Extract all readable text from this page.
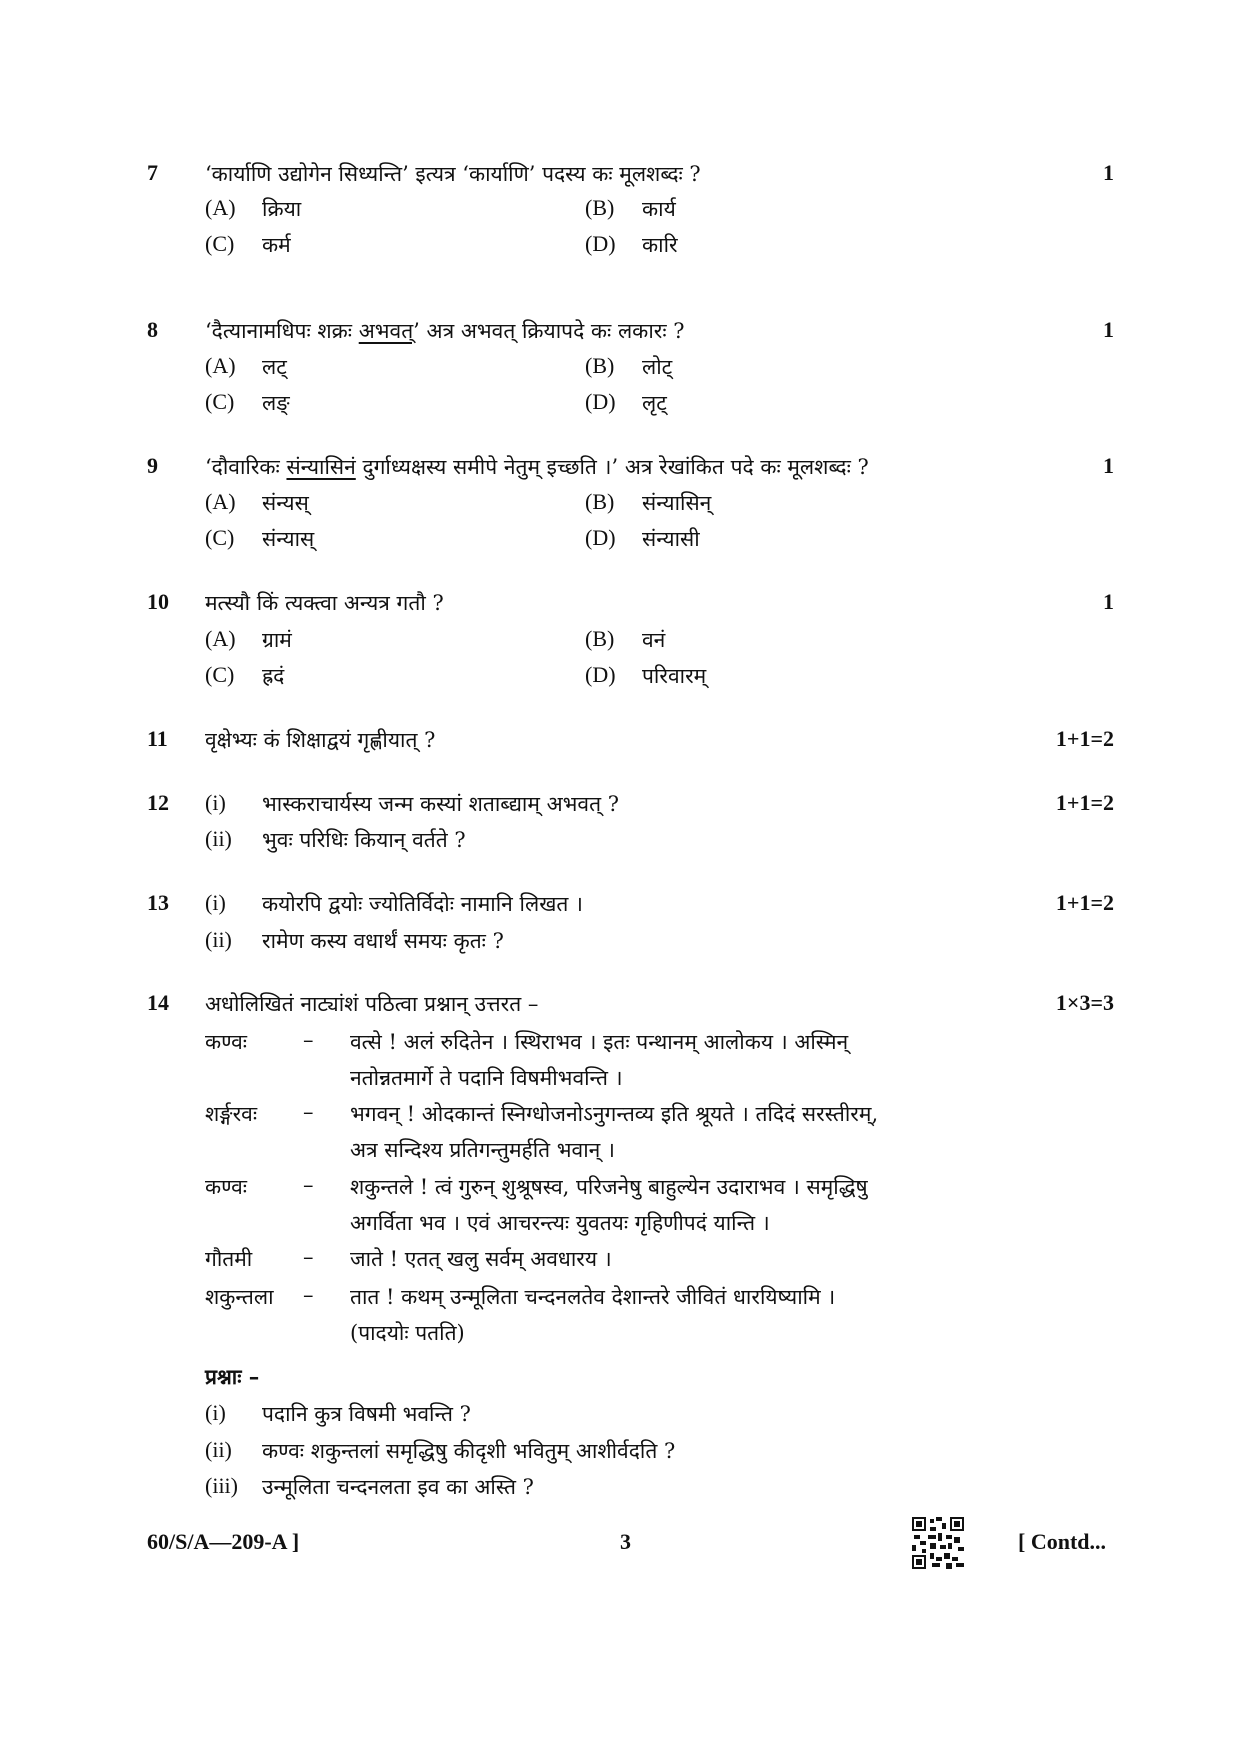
7 ‘कार्याणि उद्योगेन सिध्यन्ति’ इत्यत्र ‘कार्याणि’ पदस्य कः मूलशब्दः ?	1
(A) क्रिया	(B) कार्य
(C) कर्म	(D) कारि
8 ‘दैत्यानामधिपः शक्रः अभवत्’ अत्र अभवत् क्रियापदे कः लकारः ?	1
(A) लट्	(B) लोट्
(C) लङ्	(D) लृट्
9 ‘दौवारिकः संन्यासिनं दुर्गाध्यक्षस्य समीपे नेतुम् इच्छति ।’ अत्र रेखांकित पदे कः मूलशब्दः ?	1
(A) संन्यस्	(B) संन्यासिन्
(C) संन्यास्	(D) संन्यासी
10 मत्स्यौ किं त्यक्त्वा अन्यत्र गतौ ?	1
(A) ग्रामं	(B) वनं
(C) ह्रदं	(D) परिवारम्
11 वृक्षेभ्यः कं शिक्षाद्वयं गृह्णीयात् ?	1+1=2
12 (i) भास्कराचार्यस्य जन्म कस्यां शताब्द्याम् अभवत् ?	1+1=2
(ii) भुवः परिधिः कियान् वर्तते ?
13 (i) कयोरपि द्वयोः ज्योतिर्विदोः नामानि लिखत ।	1+1=2
(ii) रामेण कस्य वधार्थं समयः कृतः ?
14 अधोलिखितं नाट्यांशं पठित्वा प्रश्नान् उत्तरत –	1×3=3
कण्वः	– वत्से ! अलं रुदितेन । स्थिराभव । इतः पन्थानम् आलोकय । अस्मिन्
नतोन्नतमार्गे ते पदानि विषमीभवन्ति ।
शर्ङ्गरवः – भगवन् ! ओदकान्तं स्निग्धोजनोऽनुगन्तव्य इति श्रूयते । तदिदं सरस्तीरम्,
अत्र सन्दिश्य प्रतिगन्तुमर्हति भवान् ।
कण्वः	– शकुन्तले ! त्वं गुरुन् शुश्रूषस्व, परिजनेषु बाहुल्येन उदाराभव । समृद्धिषु
अगर्विता भव । एवं आचरन्त्यः युवतयः गृहिणीपदं यान्ति ।
गौतमी – जाते ! एतत् खलु सर्वम् अवधारय ।
शकुन्तला – तात ! कथम् उन्मूलिता चन्दनलतेव देशान्तरे जीवितं धारयिष्यामि ।
(पादयोः पतति)
प्रश्नाः –
(i) पदानि कुत्र विषमी भवन्ति ?
(ii) कण्वः शकुन्तलां समृद्धिषु कीदृशी भवितुम् आशीर्वदति ?
(iii) उन्मूलिता चन्दनलता इव का अस्ति ?
60/S/A—209-A ]	3	[ Contd...
